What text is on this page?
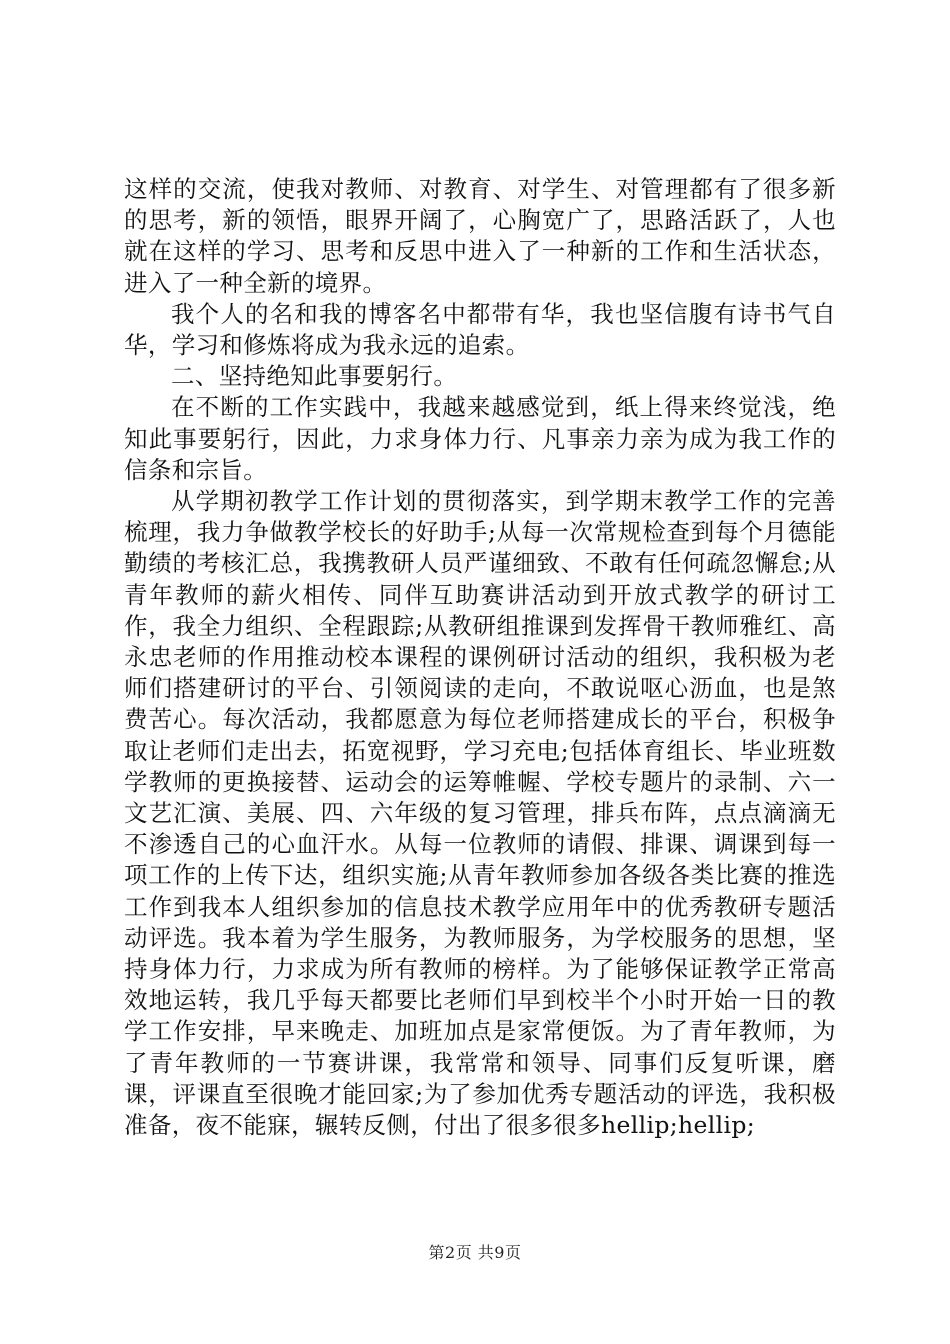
这样的交流，使我对教师、对教育、对学生、对管理都有了很多新的思考，新的领悟，眼界开阔了，心胸宽广了，思路活跃了，人也就在这样的学习、思考和反思中进入了一种新的工作和生活状态，进入了一种全新的境界。

我个人的名和我的博客名中都带有华，我也坚信腹有诗书气自华，学习和修炼将成为我永远的追索。

二、坚持绝知此事要躬行。

在不断的工作实践中，我越来越感觉到，纸上得来终觉浅，绝知此事要躬行，因此，力求身体力行、凡事亲力亲为成为我工作的信条和宗旨。

从学期初教学工作计划的贯彻落实，到学期末教学工作的完善梳理，我力争做教学校长的好助手;从每一次常规检查到每个月德能勤绩的考核汇总，我携教研人员严谨细致、不敢有任何疏忽懈怠;从青年教师的薪火相传、同伴互助赛讲活动到开放式教学的研讨工作，我全力组织、全程跟踪;从教研组推课到发挥骨干教师雅红、高永忠老师的作用推动校本课程的课例研讨活动的组织，我积极为老师们搭建研讨的平台、引领阅读的走向，不敢说呕心沥血，也是煞费苦心。每次活动，我都愿意为每位老师搭建成长的平台，积极争取让老师们走出去，拓宽视野，学习充电;包括体育组长、毕业班数学教师的更换接替、运动会的运筹帷幄、学校专题片的录制、六一文艺汇演、美展、四、六年级的复习管理，排兵布阵，点点滴滴无不渗透自己的心血汗水。从每一位教师的请假、排课、调课到每一项工作的上传下达，组织实施;从青年教师参加各级各类比赛的推选工作到我本人组织参加的信息技术教学应用年中的优秀教研专题活动评选。我本着为学生服务，为教师服务，为学校服务的思想，坚持身体力行，力求成为所有教师的榜样。为了能够保证教学正常高效地运转，我几乎每天都要比老师们早到校半个小时开始一日的教学工作安排，早来晚走、加班加点是家常便饭。为了青年教师，为了青年教师的一节赛讲课，我常常和领导、同事们反复听课，磨课，评课直至很晚才能回家;为了参加优秀专题活动的评选，我积极准备，夜不能寐，辗转反侧，付出了很多很多hellip;hellip;

第2页 共9页
